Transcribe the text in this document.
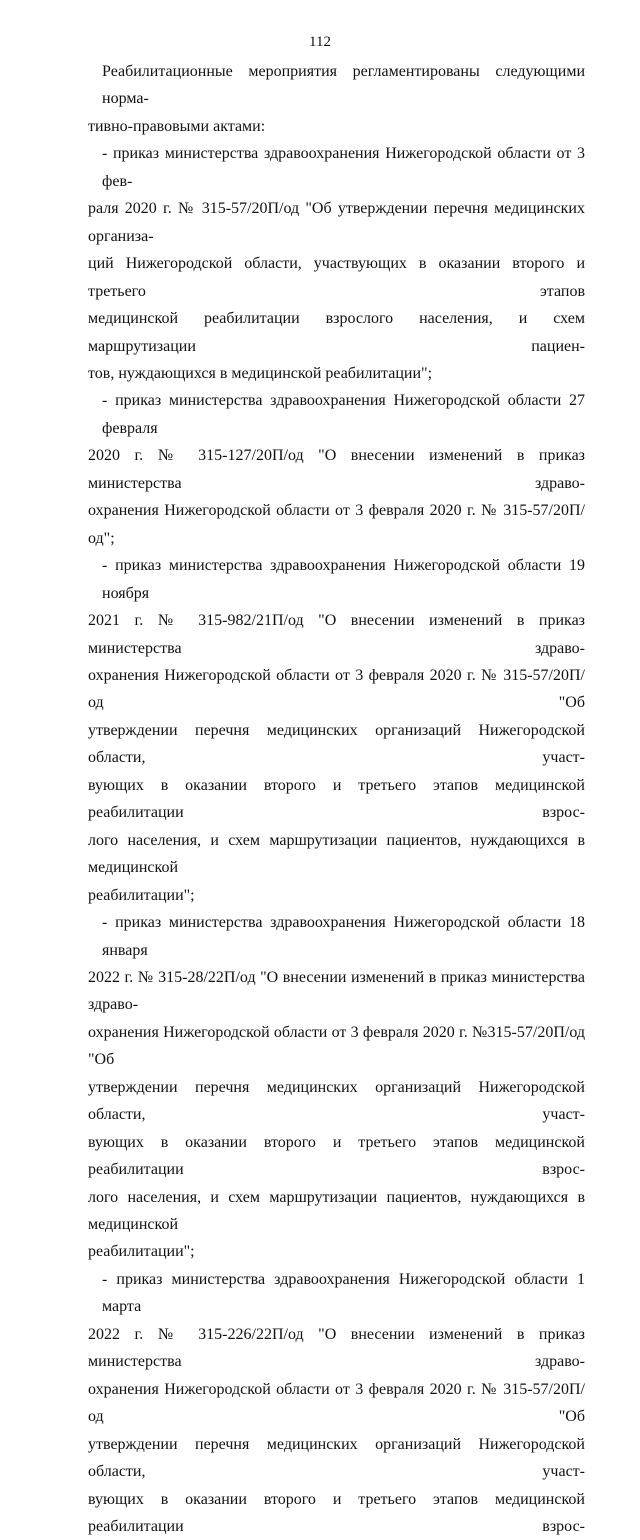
112
Реабилитационные мероприятия регламентированы следующими норма-
тивно-правовыми актами:
- приказ министерства здравоохранения Нижегородской области от 3 фев-
раля 2020 г. № 315-57/20П/од "Об утверждении перечня медицинских организа-
ций Нижегородской области, участвующих в оказании второго и третьего этапов
медицинской реабилитации взрослого населения, и схем маршрутизации пациен-
тов, нуждающихся в медицинской реабилитации";
- приказ министерства здравоохранения Нижегородской области 27 февраля
2020 г. № 315-127/20П/од "О внесении изменений в приказ министерства здраво-
охранения Нижегородской области от 3 февраля 2020 г. № 315-57/20П/од";
- приказ министерства здравоохранения Нижегородской области 19 ноября
2021 г. № 315-982/21П/од "О внесении изменений в приказ министерства здраво-
охранения Нижегородской области от 3 февраля 2020 г. № 315-57/20П/од "Об
утверждении перечня медицинских организаций Нижегородской области, участ-
вующих в оказании второго и третьего этапов медицинской реабилитации взрос-
лого населения, и схем маршрутизации пациентов, нуждающихся в медицинской
реабилитации";
- приказ министерства здравоохранения Нижегородской области 18 января
2022 г. № 315-28/22П/од "О внесении изменений в приказ министерства здраво-
охранения Нижегородской области от 3 февраля 2020 г. №315-57/20П/од "Об
утверждении перечня медицинских организаций Нижегородской области, участ-
вующих в оказании второго и третьего этапов медицинской реабилитации взрос-
лого населения, и схем маршрутизации пациентов, нуждающихся в медицинской
реабилитации";
- приказ министерства здравоохранения Нижегородской области 1 марта
2022 г. № 315-226/22П/од "О внесении изменений в приказ министерства здраво-
охранения Нижегородской области от 3 февраля 2020 г. № 315-57/20П/од "Об
утверждении перечня медицинских организаций Нижегородской области, участ-
вующих в оказании второго и третьего этапов медицинской реабилитации взрос-
